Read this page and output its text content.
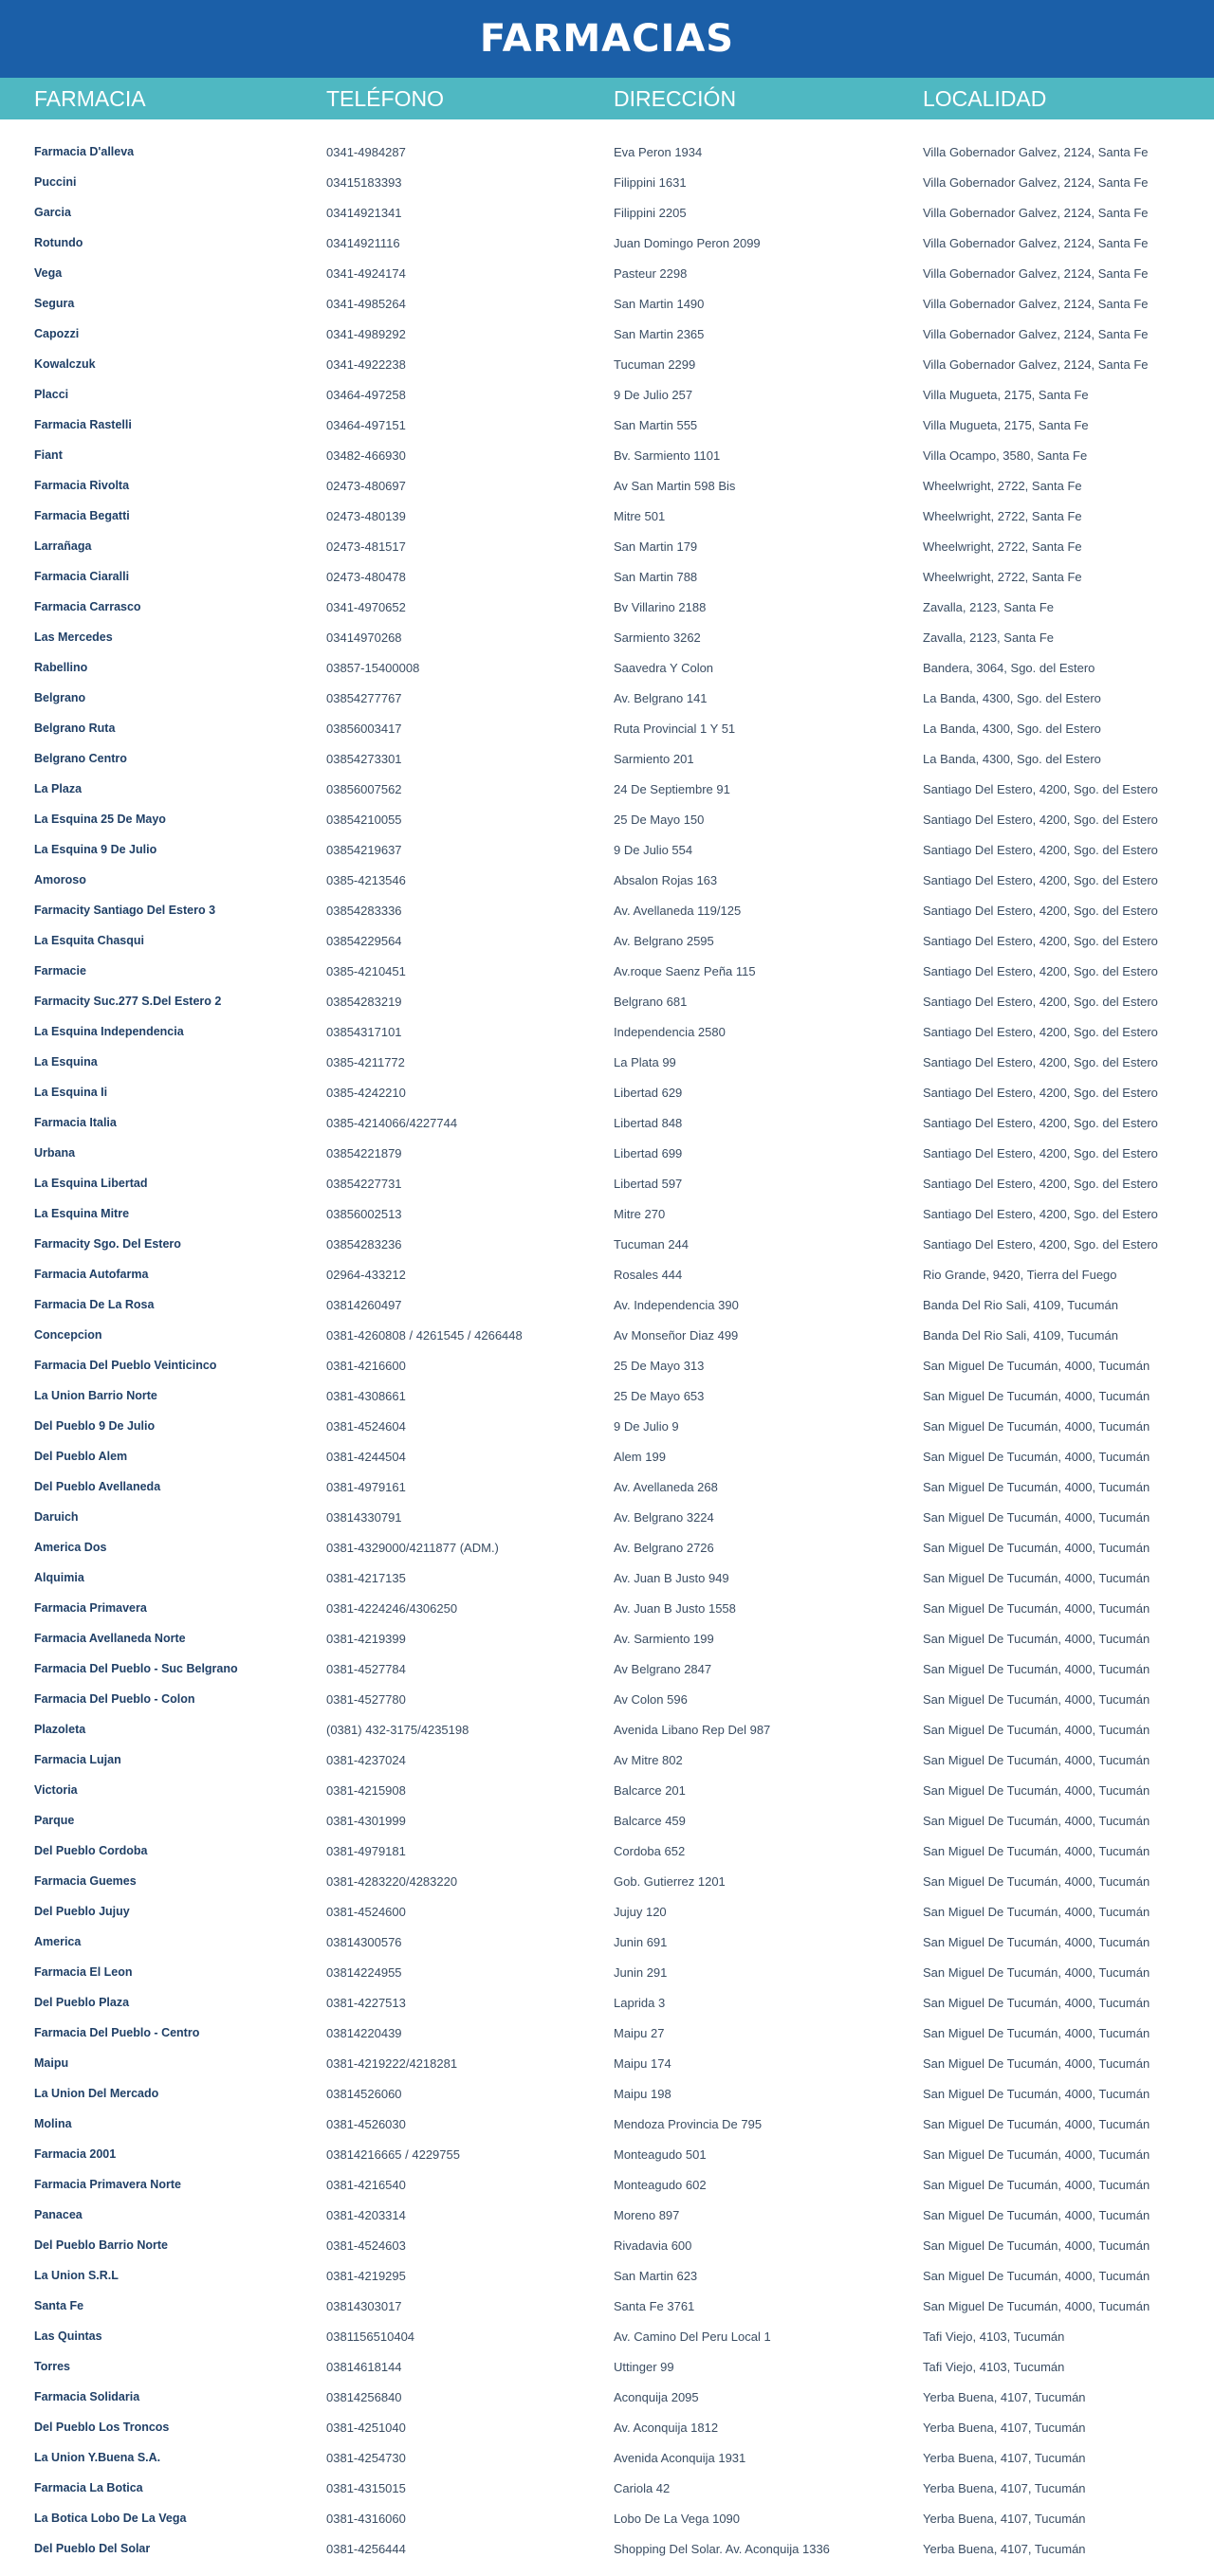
FARMACIAS
FARMACIA	TELÉFONO	DIRECCIÓN	LOCALIDAD
Farmacia D'alleva	0341-4984287	Eva Peron 1934	Villa Gobernador Galvez, 2124, Santa Fe
Puccini	03415183393	Filippini 1631	Villa Gobernador Galvez, 2124, Santa Fe
Garcia	03414921341	Filippini 2205	Villa Gobernador Galvez, 2124, Santa Fe
Rotundo	03414921116	Juan Domingo Peron 2099	Villa Gobernador Galvez, 2124, Santa Fe
Vega	0341-4924174	Pasteur 2298	Villa Gobernador Galvez, 2124, Santa Fe
Segura	0341-4985264	San Martin 1490	Villa Gobernador Galvez, 2124, Santa Fe
Capozzi	0341-4989292	San Martin 2365	Villa Gobernador Galvez, 2124, Santa Fe
Kowalczuk	0341-4922238	Tucuman 2299	Villa Gobernador Galvez, 2124, Santa Fe
Placci	03464-497258	9 De Julio 257	Villa Mugueta, 2175, Santa Fe
Farmacia Rastelli	03464-497151	San Martin 555	Villa Mugueta, 2175, Santa Fe
Fiant	03482-466930	Bv. Sarmiento 1101	Villa Ocampo, 3580, Santa Fe
Farmacia Rivolta	02473-480697	Av San Martin 598 Bis	Wheelwright, 2722, Santa Fe
Farmacia Begatti	02473-480139	Mitre 501	Wheelwright, 2722, Santa Fe
Larrañaga	02473-481517	San Martin 179	Wheelwright, 2722, Santa Fe
Farmacia Ciaralli	02473-480478	San Martin 788	Wheelwright, 2722, Santa Fe
Farmacia Carrasco	0341-4970652	Bv Villarino 2188	Zavalla, 2123, Santa Fe
Las Mercedes	03414970268	Sarmiento 3262	Zavalla, 2123, Santa Fe
Rabellino	03857-15400008	Saavedra Y Colon	Bandera, 3064, Sgo. del Estero
Belgrano	03854277767	Av. Belgrano 141	La Banda, 4300, Sgo. del Estero
Belgrano Ruta	03856003417	Ruta Provincial 1 Y 51	La Banda, 4300, Sgo. del Estero
Belgrano Centro	03854273301	Sarmiento 201	La Banda, 4300, Sgo. del Estero
La Plaza	03856007562	24 De Septiembre 91	Santiago Del Estero, 4200, Sgo. del Estero
La Esquina 25 De Mayo	03854210055	25 De Mayo 150	Santiago Del Estero, 4200, Sgo. del Estero
La Esquina 9 De Julio	03854219637	9 De Julio 554	Santiago Del Estero, 4200, Sgo. del Estero
Amoroso	0385-4213546	Absalon Rojas 163	Santiago Del Estero, 4200, Sgo. del Estero
Farmacity Santiago Del Estero 3	03854283336	Av. Avellaneda 119/125	Santiago Del Estero, 4200, Sgo. del Estero
La Esquita Chasqui	03854229564	Av. Belgrano 2595	Santiago Del Estero, 4200, Sgo. del Estero
Farmacie	0385-4210451	Av.roque Saenz Peña 115	Santiago Del Estero, 4200, Sgo. del Estero
Farmacity Suc.277 S.Del Estero 2	03854283219	Belgrano 681	Santiago Del Estero, 4200, Sgo. del Estero
La Esquina Independencia	03854317101	Independencia 2580	Santiago Del Estero, 4200, Sgo. del Estero
La Esquina	0385-4211772	La Plata 99	Santiago Del Estero, 4200, Sgo. del Estero
La Esquina Ii	0385-4242210	Libertad 629	Santiago Del Estero, 4200, Sgo. del Estero
Farmacia Italia	0385-4214066/4227744	Libertad 848	Santiago Del Estero, 4200, Sgo. del Estero
Urbana	03854221879	Libertad 699	Santiago Del Estero, 4200, Sgo. del Estero
La Esquina Libertad	03854227731	Libertad 597	Santiago Del Estero, 4200, Sgo. del Estero
La Esquina Mitre	03856002513	Mitre 270	Santiago Del Estero, 4200, Sgo. del Estero
Farmacity Sgo. Del Estero	03854283236	Tucuman 244	Santiago Del Estero, 4200, Sgo. del Estero
Farmacia Autofarma	02964-433212	Rosales 444	Rio Grande, 9420, Tierra del Fuego
Farmacia De La Rosa	03814260497	Av. Independencia 390	Banda Del Rio Sali, 4109, Tucumán
Concepcion	0381-4260808 / 4261545 / 4266448	Av Monseñor Diaz 499	Banda Del Rio Sali, 4109, Tucumán
Farmacia Del Pueblo Veinticinco	0381-4216600	25 De Mayo 313	San Miguel De Tucumán, 4000, Tucumán
La Union Barrio Norte	0381-4308661	25 De Mayo 653	San Miguel De Tucumán, 4000, Tucumán
Del Pueblo 9 De Julio	0381-4524604	9 De Julio 9	San Miguel De Tucumán, 4000, Tucumán
Del Pueblo Alem	0381-4244504	Alem 199	San Miguel De Tucumán, 4000, Tucumán
Del Pueblo Avellaneda	0381-4979161	Av. Avellaneda 268	San Miguel De Tucumán, 4000, Tucumán
Daruich	03814330791	Av. Belgrano 3224	San Miguel De Tucumán, 4000, Tucumán
America Dos	0381-4329000/4211877 (ADM.)	Av. Belgrano 2726	San Miguel De Tucumán, 4000, Tucumán
Alquimia	0381-4217135	Av. Juan B Justo 949	San Miguel De Tucumán, 4000, Tucumán
Farmacia Primavera	0381-4224246/4306250	Av. Juan B Justo 1558	San Miguel De Tucumán, 4000, Tucumán
Farmacia Avellaneda Norte	0381-4219399	Av. Sarmiento 199	San Miguel De Tucumán, 4000, Tucumán
Farmacia Del Pueblo - Suc Belgrano	0381-4527784	Av Belgrano 2847	San Miguel De Tucumán, 4000, Tucumán
Farmacia Del Pueblo - Colon	0381-4527780	Av Colon 596	San Miguel De Tucumán, 4000, Tucumán
Plazoleta	(0381) 432-3175/4235198	Avenida Libano Rep Del 987	San Miguel De Tucumán, 4000, Tucumán
Farmacia Lujan	0381-4237024	Av Mitre 802	San Miguel De Tucumán, 4000, Tucumán
Victoria	0381-4215908	Balcarce 201	San Miguel De Tucumán, 4000, Tucumán
Parque	0381-4301999	Balcarce 459	San Miguel De Tucumán, 4000, Tucumán
Del Pueblo Cordoba	0381-4979181	Cordoba 652	San Miguel De Tucumán, 4000, Tucumán
Farmacia Guemes	0381-4283220/4283220	Gob. Gutierrez 1201	San Miguel De Tucumán, 4000, Tucumán
Del Pueblo Jujuy	0381-4524600	Jujuy 120	San Miguel De Tucumán, 4000, Tucumán
America	03814300576	Junin 691	San Miguel De Tucumán, 4000, Tucumán
Farmacia El Leon	03814224955	Junin 291	San Miguel De Tucumán, 4000, Tucumán
Del Pueblo Plaza	0381-4227513	Laprida 3	San Miguel De Tucumán, 4000, Tucumán
Farmacia Del Pueblo - Centro	03814220439	Maipu 27	San Miguel De Tucumán, 4000, Tucumán
Maipu	0381-4219222/4218281	Maipu 174	San Miguel De Tucumán, 4000, Tucumán
La Union Del Mercado	03814526060	Maipu 198	San Miguel De Tucumán, 4000, Tucumán
Molina	0381-4526030	Mendoza Provincia De 795	San Miguel De Tucumán, 4000, Tucumán
Farmacia 2001	03814216665 / 4229755	Monteagudo 501	San Miguel De Tucumán, 4000, Tucumán
Farmacia Primavera Norte	0381-4216540	Monteagudo 602	San Miguel De Tucumán, 4000, Tucumán
Panacea	0381-4203314	Moreno 897	San Miguel De Tucumán, 4000, Tucumán
Del Pueblo Barrio Norte	0381-4524603	Rivadavia 600	San Miguel De Tucumán, 4000, Tucumán
La Union S.R.L	0381-4219295	San Martin 623	San Miguel De Tucumán, 4000, Tucumán
Santa Fe	03814303017	Santa Fe 3761	San Miguel De Tucumán, 4000, Tucumán
Las Quintas	0381156510404	Av. Camino Del Peru Local 1	Tafi Viejo, 4103, Tucumán
Torres	03814618144	Uttinger 99	Tafi Viejo, 4103, Tucumán
Farmacia Solidaria	03814256840	Aconquija 2095	Yerba Buena, 4107, Tucumán
Del Pueblo Los Troncos	0381-4251040	Av. Aconquija 1812	Yerba Buena, 4107, Tucumán
La Union Y.Buena S.A.	0381-4254730	Avenida Aconquija 1931	Yerba Buena, 4107, Tucumán
Farmacia La Botica	0381-4315015	Cariola 42	Yerba Buena, 4107, Tucumán
La Botica Lobo De La Vega	0381-4316060	Lobo De La Vega 1090	Yerba Buena, 4107, Tucumán
Del Pueblo Del Solar	0381-4256444	Shopping Del Solar. Av. Aconquija 1336	Yerba Buena, 4107, Tucumán
